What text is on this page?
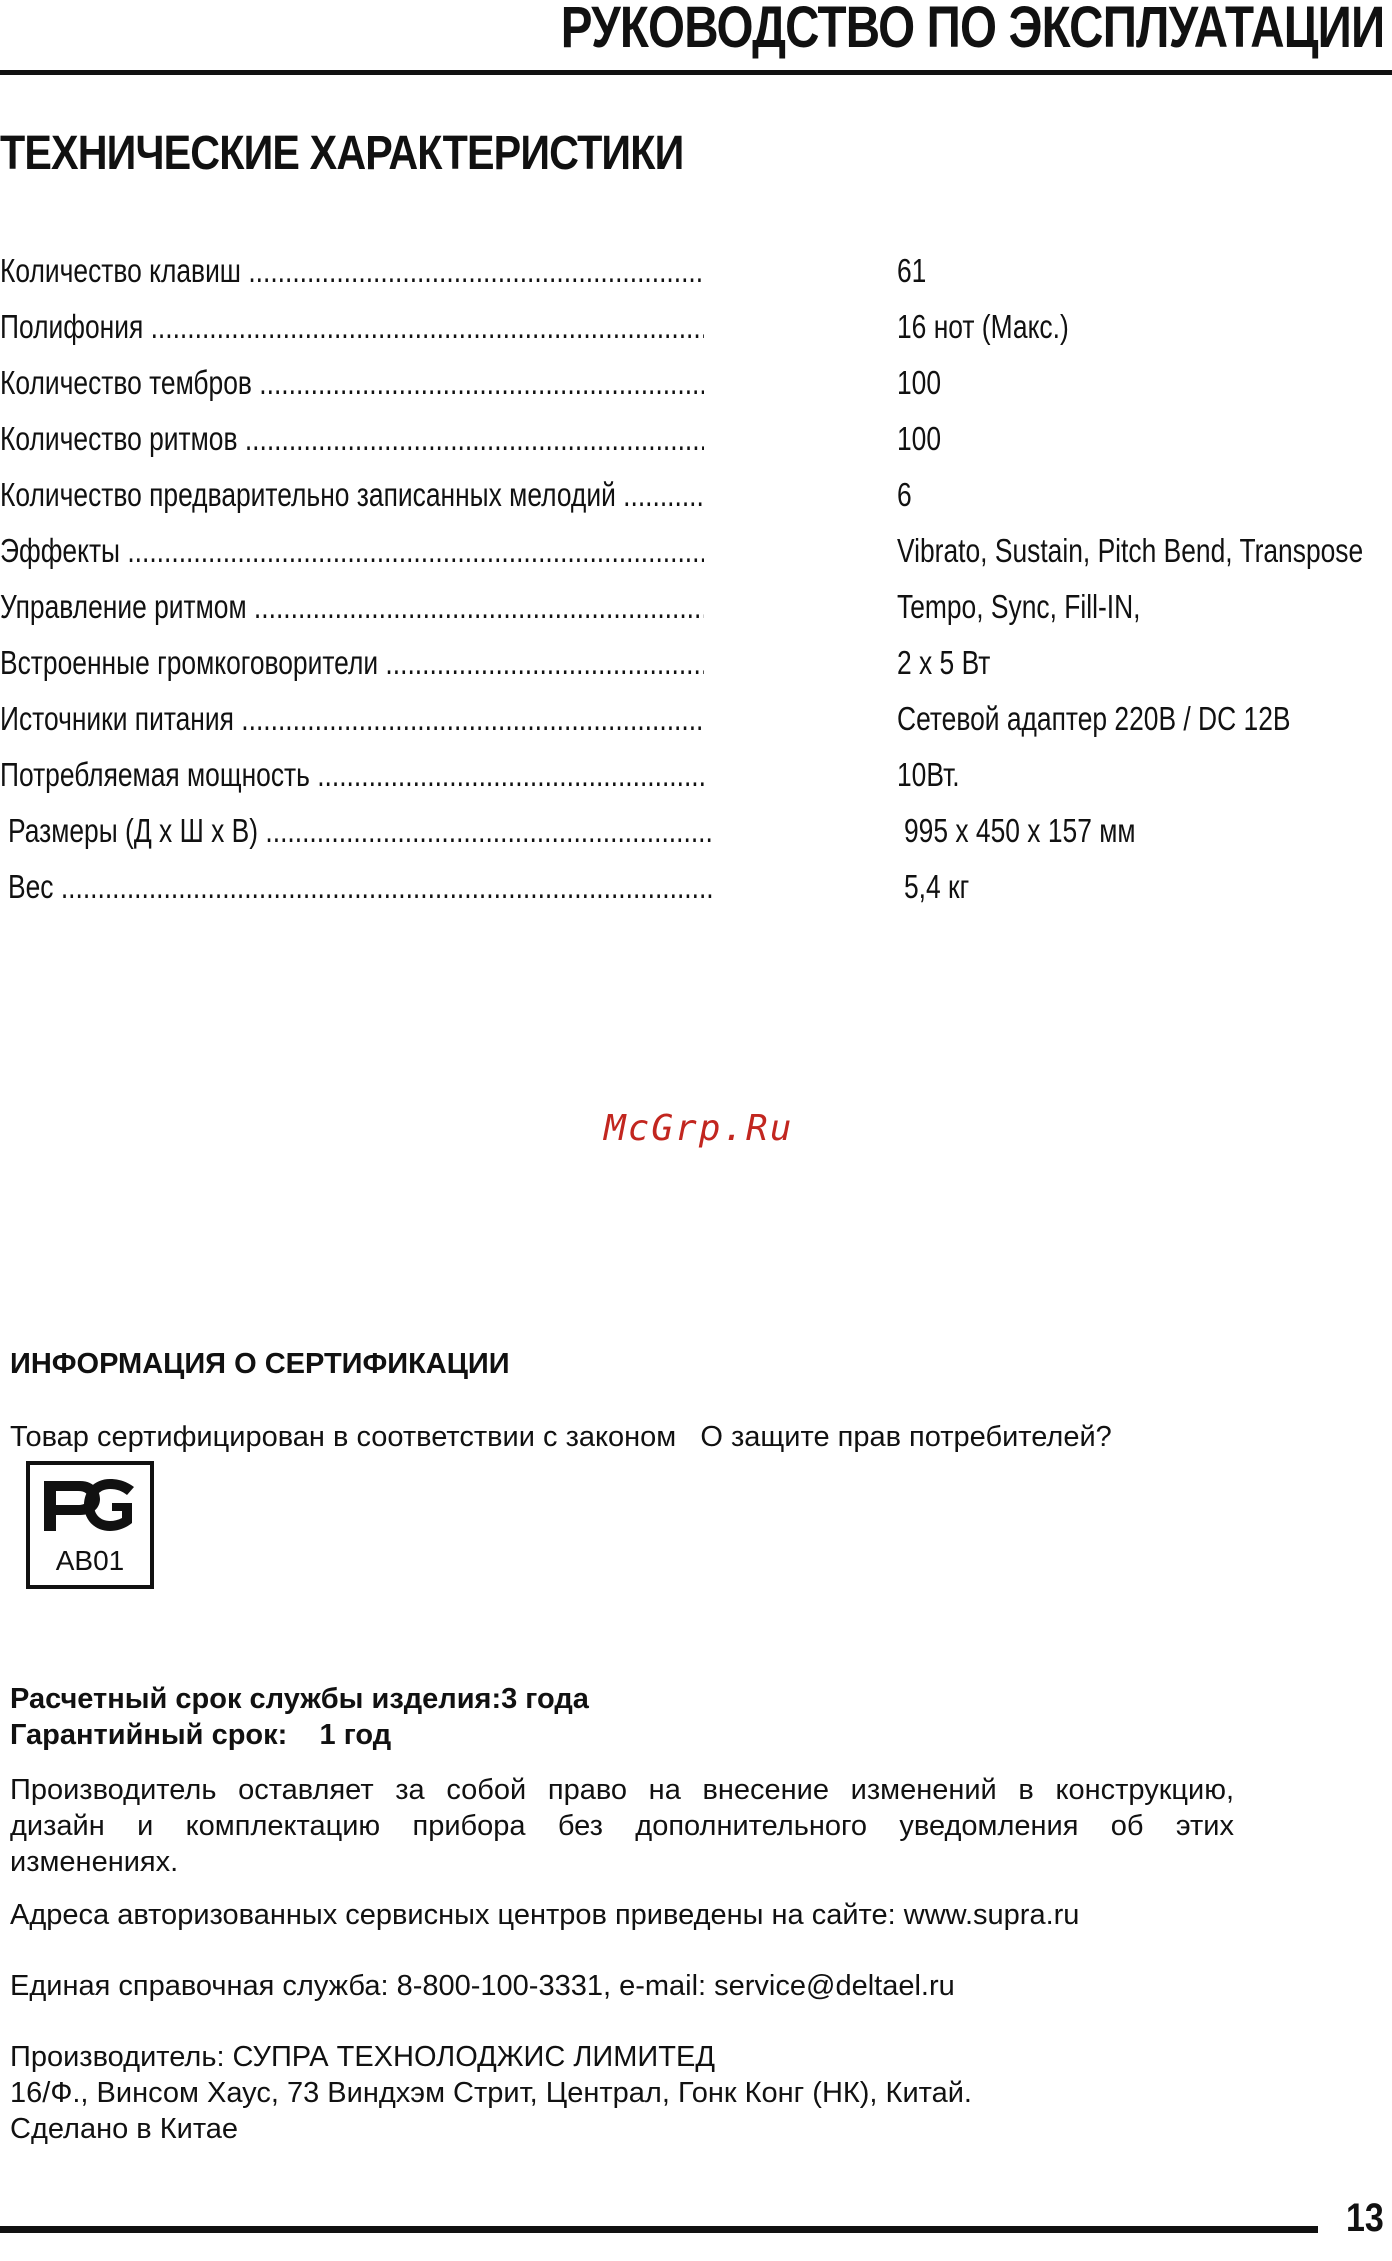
РУКОВОДСТВО ПО ЭКСПЛУАТАЦИИ
ТЕХНИЧЕСКИЕ ХАРАКТЕРИСТИКИ
Количество клавиш .....	61
Полифония .....	16 нот (Макс.)
Количество тембров .....	100
Количество ритмов .....	100
Количество предварительно записанных мелодий .....	6
Эффекты .....	Vibrato, Sustain, Pitch Bend, Transpose
Управление ритмом .....	Tempo, Sync, Fill-IN,
Встроенные громкоговорители .....	2 х 5 Вт
Источники питания .....	Сетевой адаптер 220В / DC 12В
Потребляемая мощность .....	10Вт.
Размеры (Д х Ш х В) .....	995 х 450 х 157 мм
Вес .....	5,4 кг
McGrp.Ru
ИНФОРМАЦИЯ О СЕРТИФИКАЦИИ
Товар сертифицирован в соответствии с законом   О защите прав потребителей?
АВ01
Расчетный срок службы изделия:3 года
Гарантийный срок:    1 год
Производитель оставляет за собой право на внесение изменений в конструкцию, дизайн и комплектацию прибора без дополнительного уведомления об этих изменениях.
Адреса авторизованных сервисных центров приведены на сайте: www.supra.ru
Единая справочная служба: 8-800-100-3331, e-mail: service@deltael.ru
Производитель: СУПРА ТЕХНОЛОДЖИС ЛИМИТЕД
16/Ф., Винсом Хаус, 73 Виндхэм Стрит, Централ, Гонк Конг (НК), Китай.
Сделано в Китае
13
